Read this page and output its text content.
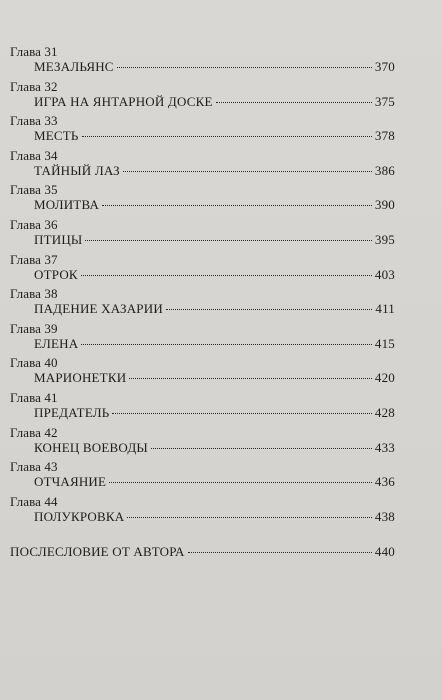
Глава 31
МЕЗАЛЬЯНС	370
Глава 32
ИГРА НА ЯНТАРНОЙ ДОСКЕ	375
Глава 33
МЕСТЬ	378
Глава 34
ТАЙНЫЙ ЛАЗ	386
Глава 35
МОЛИТВА	390
Глава 36
ПТИЦЫ	395
Глава 37
ОТРОК	403
Глава 38
ПАДЕНИЕ ХАЗАРИИ	411
Глава 39
ЕЛЕНА	415
Глава 40
МАРИОНЕТКИ	420
Глава 41
ПРЕДАТЕЛЬ	428
Глава 42
КОНЕЦ ВОЕВОДЫ	433
Глава 43
ОТЧАЯНИЕ	436
Глава 44
ПОЛУКРОВКА	438
ПОСЛЕСЛОВИЕ ОТ АВТОРА	440
